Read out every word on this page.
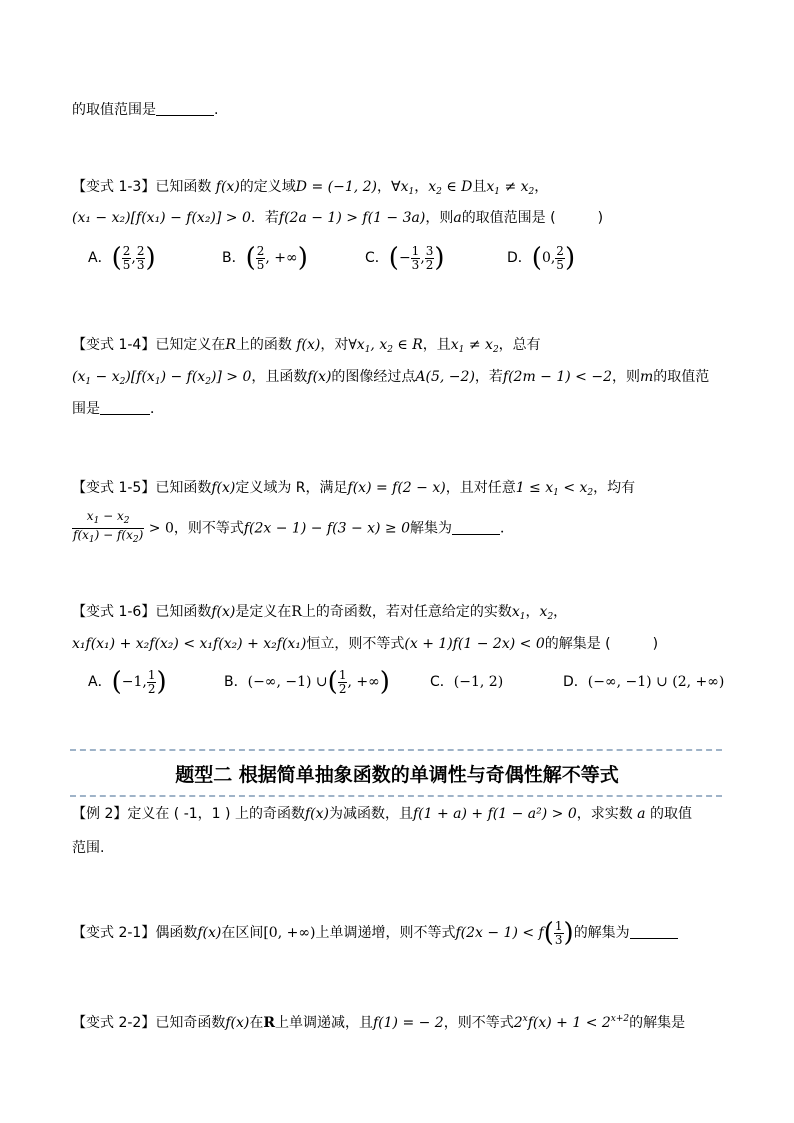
的取值范围是	.
【变式 1-3】已知函数 f(x)的定义域D = (−1, 2)，$\forall x_1$，$x_2$ ∈ D且$x_1 \ne x_2$，
(x₁ − x₂)[f(x₁) − f(x₂)] > 0．若f(2a − 1) > f(1 − 3a)，则a的取值范围是 (　　　)
A．( $\frac{2}{5}$ , $\frac{2}{3}$ )	B．( $\frac{2}{5}$ , +∞)	C．(− $\frac{1}{3}$ , $\frac{3}{2}$ )	D．(0, $\frac{2}{5}$ )
【变式 1-4】已知定义在R上的函数 f(x)，对$\forall x_1$, $x_2$ ∈ R，且$x_1 \ne x_2$，总有
$(x_1 - x_2)[f(x_1) - f(x_2)] > 0$，且函数f(x)的图像经过点A(5, −2)，若f(2m − 1) < −2，则m的取值范
围是	．
【变式 1-5】已知函数f(x)定义域为 R，满足f(x) = f(2 − x)，且对任意$1 \le x_1 < x_2$，均有
$\frac{x_1 - x_2}{f(x_1) - f(x_2)} > 0$，则不等式f(2x − 1) − f(3 − x) ≥ 0解集为	．
【变式 1-6】已知函数f(x)是定义在R上的奇函数，若对任意给定的实数$x_1$，$x_2$，
x₁f(x₁) + x₂f(x₂) < x₁f(x₂) + x₂f(x₁)恒立，则不等式(x + 1)f(1 − 2x) < 0的解集是 (　　　)
A．(−1, $\frac{1}{2}$ )	B．(−∞, −1) ∪( $\frac{1}{2}$ , +∞)	C．(−1, 2)	D．(−∞, −1) ∪ (2, +∞)
题型二 根据简单抽象函数的单调性与奇偶性解不等式
【例 2】定义在 ( -1，1 ) 上的奇函数f(x)为减函数，且f(1 + a) + f(1 − a²) > 0，求实数 a 的取值
范围.
【变式 2-1】偶函数f(x)在区间[0, +∞)上单调递增，则不等式$f(2x - 1) < f( \frac{1}{3}$ )的解集为
【变式 2-2】已知奇函数f(x)在R上单调递减，且f(1) = − 2，则不等式$2^xf(x) + 1 < 2^{x+2}$的解集是
